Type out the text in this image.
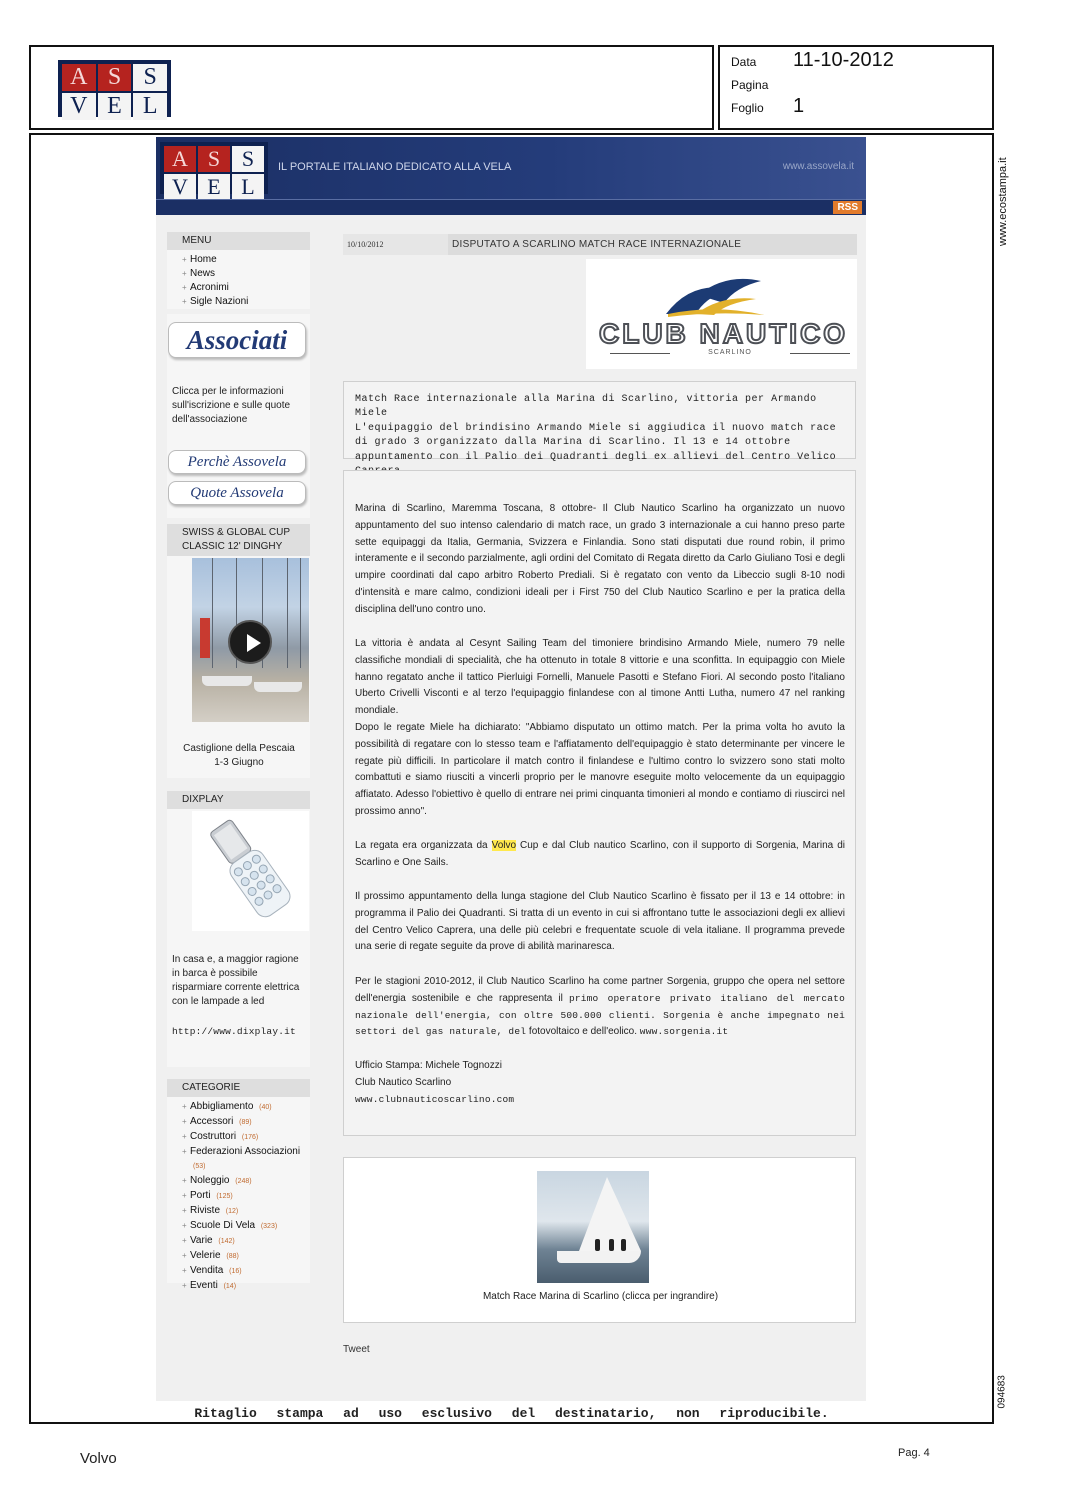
A S S
V E L
Data 11-10-2012
Pagina
Foglio 1
www.ecostampa.it
094683
A S S
V E L
IL PORTALE ITALIANO DEDICATO ALLA VELA	www.assovela.it
RSS
MENU
+ Home
+ News
+ Acronimi
+ Sigle Nazioni
Associati
Clicca per le informazioni sull'iscrizione e sulle quote dell'associazione
Perchè Assovela
Quote Assovela
SWISS & GLOBAL CUP CLASSIC 12' DINGHY
Castiglione della Pescaia 1-3 Giugno
DIXPLAY
In casa e, a maggior ragione in barca è possibile risparmiare corrente elettrica con le lampade a led
http://www.dixplay.it
CATEGORIE
+ Abbigliamento (40)
+ Accessori (89)
+ Costruttori (176)
+ Federazioni Associazioni (53)
+ Noleggio (248)
+ Porti (125)
+ Riviste (12)
+ Scuole Di Vela (323)
+ Varie (142)
+ Velerie (88)
+ Vendita (16)
+ Eventi (14)
10/10/2012	DISPUTATO A SCARLINO MATCH RACE INTERNAZIONALE
CLUB NAUTICO
SCARLINO
Match Race internazionale alla Marina di Scarlino, vittoria per Armando Miele
L'equipaggio del brindisino Armando Miele si aggiudica il nuovo match race di grado 3 organizzato dalla Marina di Scarlino. Il 13 e 14 ottobre appuntamento con il Palio dei Quadranti degli ex allievi del Centro Velico
Marina di Scarlino, Maremma Toscana, 8 ottobre- Il Club Nautico Scarlino ha organizzato un nuovo appuntamento del suo intenso calendario di match race, un grado 3 internazionale a cui hanno preso parte sette equipaggi da Italia, Germania, Svizzera e Finlandia. Sono stati disputati due round robin, il primo interamente e il secondo parzialmente, agli ordini del Comitato di Regata diretto da Carlo Giuliano Tosi e degli umpire coordinati dal capo arbitro Roberto Prediali. Si è regatato con vento da Libeccio sugli 8-10 nodi d'intensità e mare calmo, condizioni ideali per i First 750 del Club Nautico Scarlino e per la pratica della disciplina dell'uno contro uno.
La vittoria è andata al Cesynt Sailing Team del timoniere brindisino Armando Miele, numero 79 nelle classifiche mondiali di specialità, che ha ottenuto in totale 8 vittorie e una sconfitta. In equipaggio con Miele hanno regatato anche il tattico Pierluigi Fornelli, Manuele Pasotti e Stefano Fiori. Al secondo posto l'italiano Uberto Crivelli Visconti e al terzo l'equipaggio finlandese con al timone Antti Lutha, numero 47 nel ranking mondiale.
Dopo le regate Miele ha dichiarato: "Abbiamo disputato un ottimo match. Per la prima volta ho avuto la possibilità di regatare con lo stesso team e l'affiatamento dell'equipaggio è stato determinante per vincere le regate più difficili. In particolare il match contro il finlandese e l'ultimo contro lo svizzero sono stati molto combattuti e siamo riusciti a vincerli proprio per le manovre eseguite molto velocemente da un equipaggio affiatato. Adesso l'obiettivo è quello di entrare nei primi cinquanta timonieri al mondo e contiamo di riuscirci nel prossimo anno".
La regata era organizzata da Volvo Cup e dal Club nautico Scarlino, con il supporto di Sorgenia, Marina di Scarlino e One Sails.
Il prossimo appuntamento della lunga stagione del Club Nautico Scarlino è fissato per il 13 e 14 ottobre: in programma il Palio dei Quadranti. Si tratta di un evento in cui si affrontano tutte le associazioni degli ex allievi del Centro Velico Caprera, una delle più celebri e frequentate scuole di vela italiane. Il programma prevede una serie di regate seguite da prove di abilità marinaresca.
Per le stagioni 2010-2012, il Club Nautico Scarlino ha come partner Sorgenia, gruppo che opera nel settore dell'energia sostenibile e che rappresenta il primo operatore privato italiano del mercato nazionale dell'energia, con oltre 500.000 clienti. Sorgenia è anche impegnato nei settori del gas naturale, del fotovoltaico e dell'eolico. www.sorgenia.it
Ufficio Stampa: Michele Tognozzi
Club Nautico Scarlino
www.clubnauticoscarlino.com
Match Race Marina di Scarlino (clicca per ingrandire)
Tweet
Ritaglio stampa ad uso esclusivo del destinatario, non riproducibile.
Volvo	Pag. 4
